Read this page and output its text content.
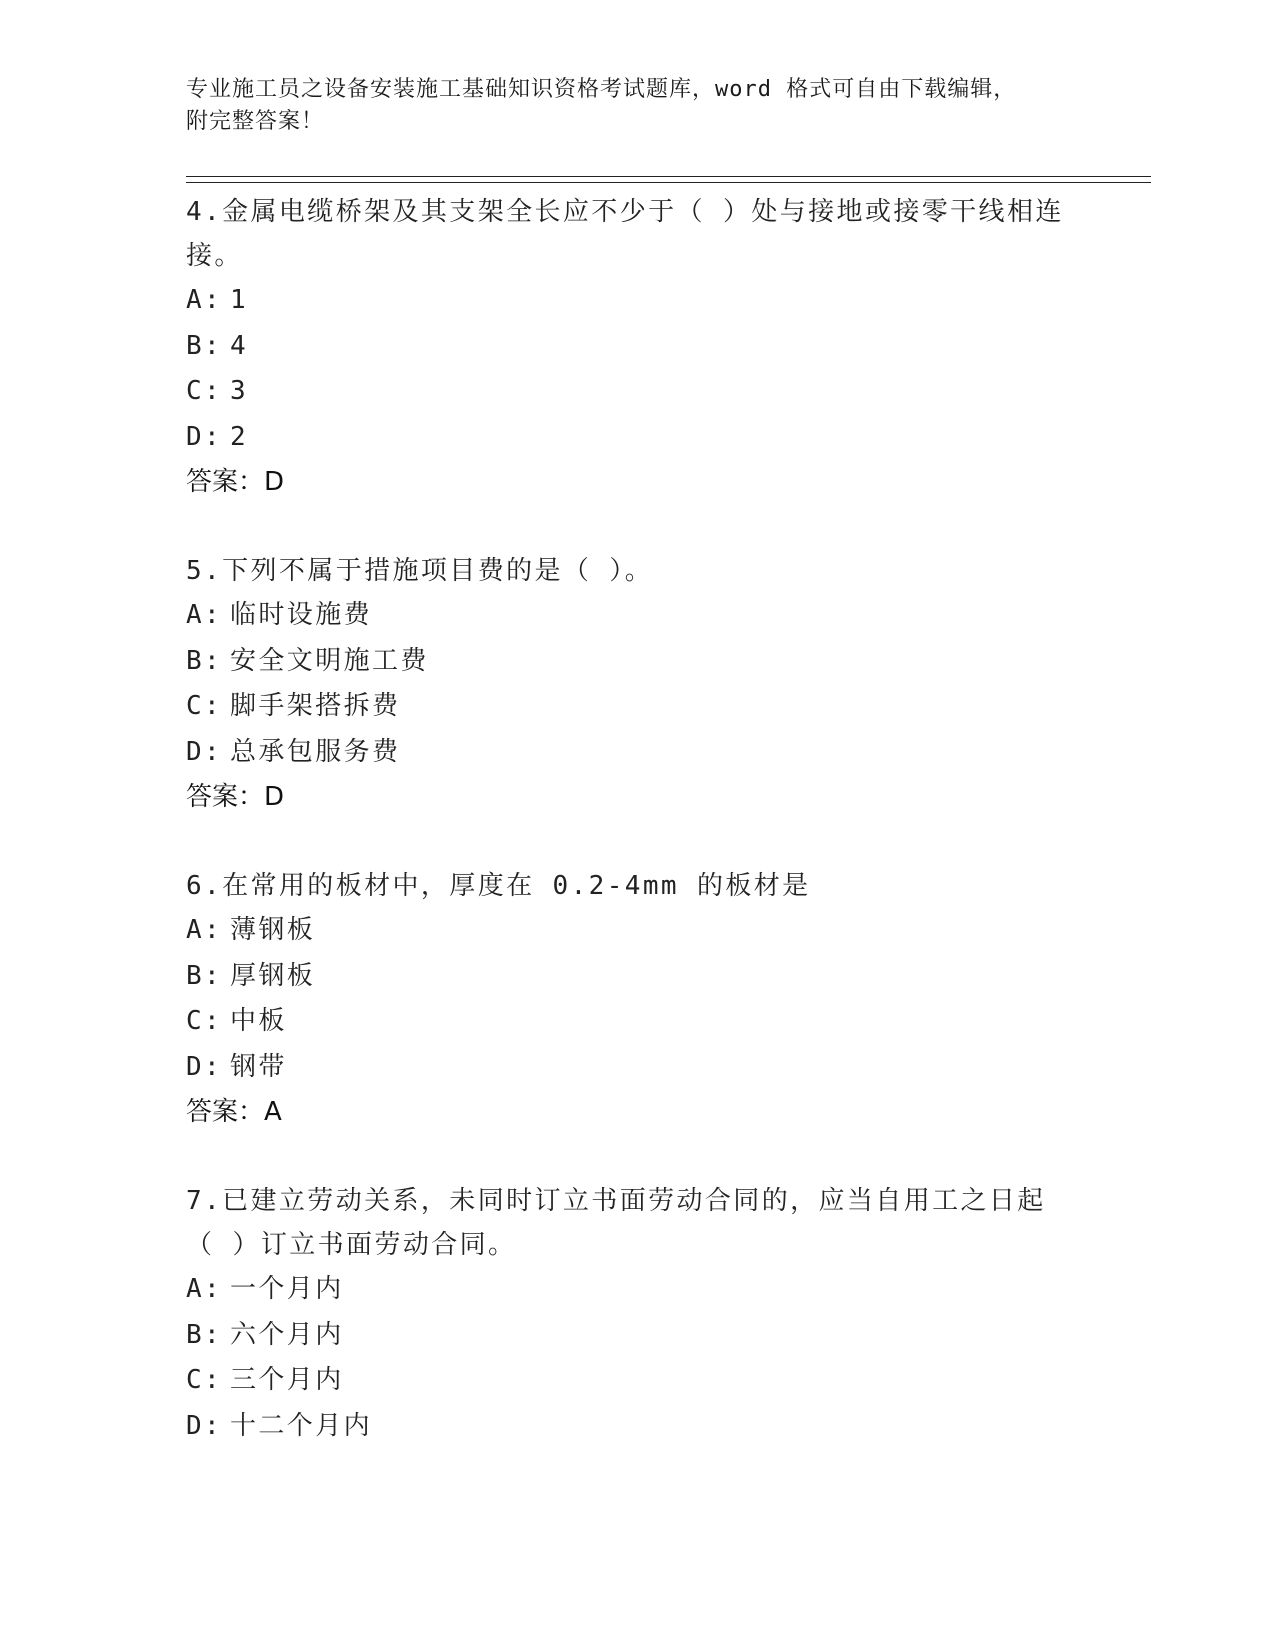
专业施工员之设备安装施工基础知识资格考试题库，word 格式可自由下载编辑，
附完整答案！
4.金属电缆桥架及其支架全长应不少于（ ）处与接地或接零干线相连接。
A: 1
B: 4
C: 3
D: 2
答案：D
5.下列不属于措施项目费的是（ ）。
A: 临时设施费
B: 安全文明施工费
C: 脚手架搭拆费
D: 总承包服务费
答案：D
6.在常用的板材中，厚度在 0.2-4mm 的板材是
A: 薄钢板
B: 厚钢板
C: 中板
D: 钢带
答案：A
7.已建立劳动关系，未同时订立书面劳动合同的，应当自用工之日起（ ）订立书面劳动合同。
A: 一个月内
B: 六个月内
C: 三个月内
D: 十二个月内
